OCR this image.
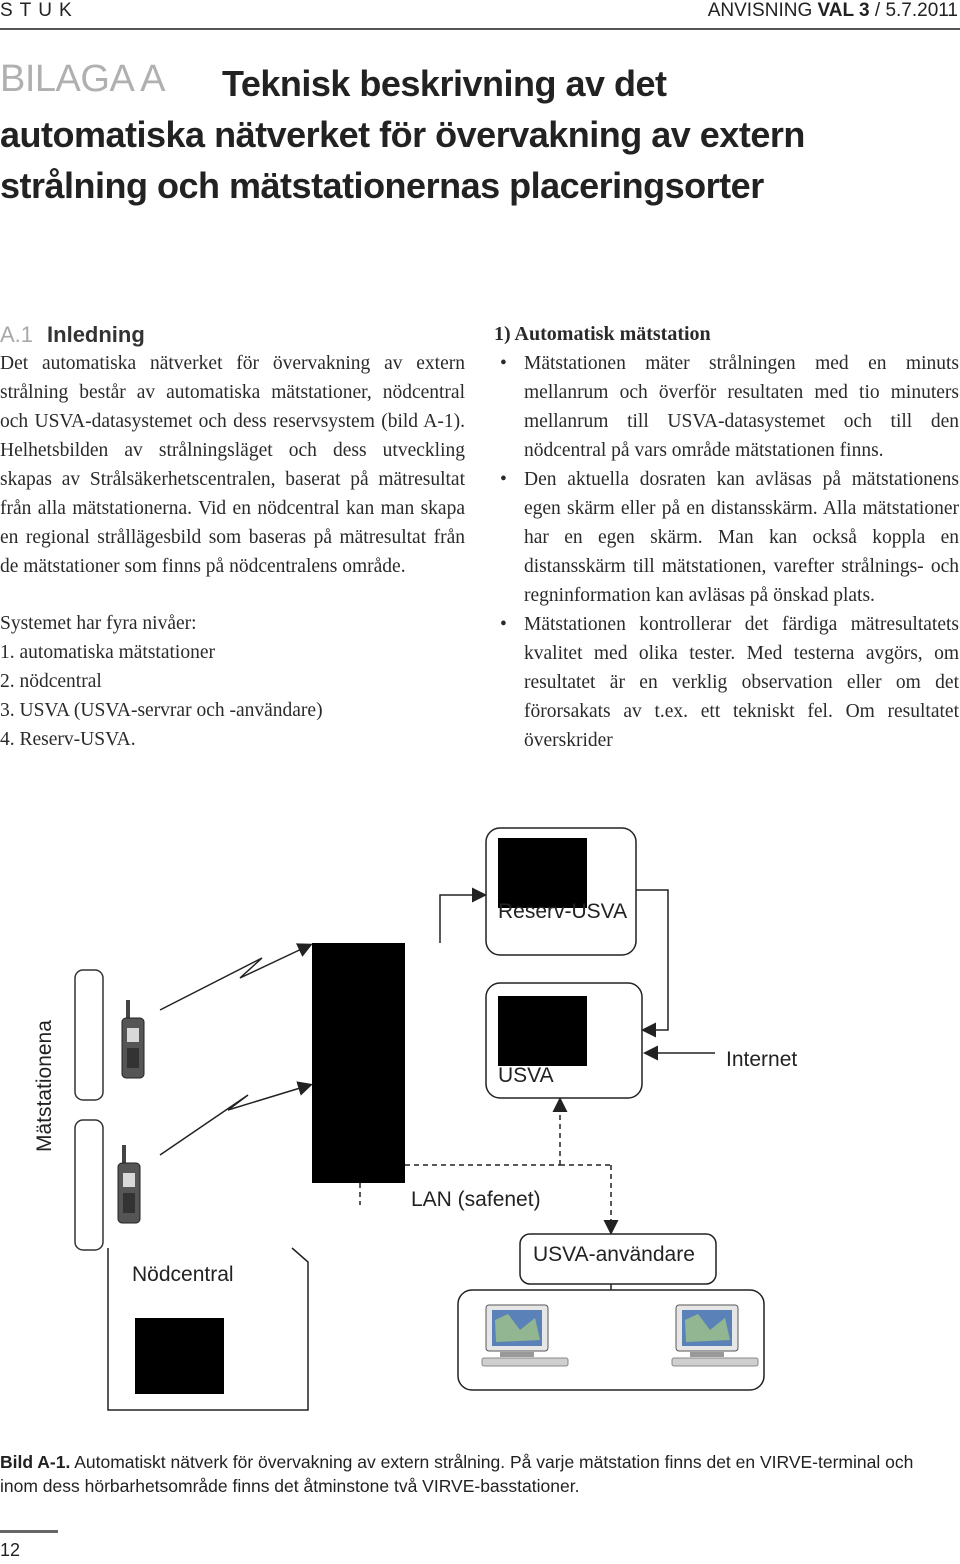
STUK	ANVISNING VAL 3 / 5.7.2011
BILAGA A	Teknisk beskrivning av det automatiska nätverket för övervakning av extern strålning och mätstationernas placeringsorter
A.1 Inledning
Det automatiska nätverket för övervakning av extern strålning består av automatiska mätstationer, nödcentral och USVA-datasystemet och dess reservsystem (bild A-1). Helhetsbilden av strålningsläget och dess utveckling skapas av Strålsäkerhetscentralen, baserat på mätresultat från alla mätstationerna. Vid en nödcentral kan man skapa en regional strållägesbild som baseras på mätresultat från de mätstationer som finns på nödcentralens område.
Systemet har fyra nivåer:
1. automatiska mätstationer
2. nödcentral
3. USVA (USVA-servrar och -användare)
4. Reserv-USVA.
1) Automatisk mätstation
• Mätstationen mäter strålningen med en minuts mellanrum och överför resultaten med tio minuters mellanrum till USVA-datasystemet och till den nödcentral på vars område mätstationen finns.
• Den aktuella dosraten kan avläsas på mätstationens egen skärm eller på en distansskärm. Alla mätstationer har en egen skärm. Man kan också koppla en distansskärm till mätstationen, varefter strålnings- och regninformation kan avläsas på önskad plats.
• Mätstationen kontrollerar det färdiga mätresultatets kvalitet med olika tester. Med testerna avgörs, om resultatet är en verklig observation eller om det förorsakats av t.ex. ett tekniskt fel. Om resultatet överskrider
Mätstationena
Reserv-USVA
USVA
Internet
LAN (safenet)
USVA-användare
Nödcentral
Bild A-1. Automatiskt nätverk för övervakning av extern strålning. På varje mätstation finns det en VIRVE-terminal och inom dess hörbarhetsområde finns det åtminstone två VIRVE-basstationer.
12
